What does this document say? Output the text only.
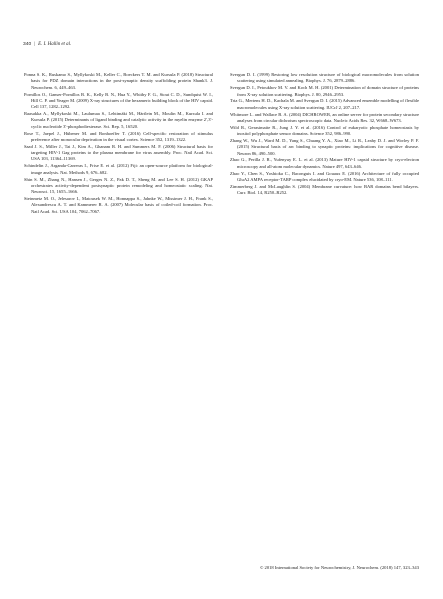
340 | E. I. Hallin et al.

Ponna S. K., Ruskamo S., Myllykoski M., Keller C., Boeckers T. M. and Kursula P. (2018) Structural basis for PDZ domain interactions in the post-synaptic density scaffolding protein Shank3. J. Neurochem. 6, 449–463.

Pornillos O., Ganser-Pornillos B. K., Kelly B. N., Hua Y., Whitby F. G., Stout C. D., Sundquist W. I., Hill C. P. and Yeager M. (2009) X-ray structures of the hexameric building block of the HIV capsid. Cell 137, 1282–1292.

Raasakka A., Myllykoski M., Laulumaa S., Lehtimäki M., Härtlein M., Moulin M., Kursula I. and Kursula P. (2015) Determinants of ligand binding and catalytic activity in the myelin enzyme 2′,3′-cyclic nucleotide 3′-phosphodiesterase. Sci. Rep. 5, 16520.

Rose T., Jaepel J., Hübener M. and Bonhoeffer T. (2016) Cell-specific restoration of stimulus preference after monocular deprivation in the visual cortex. Science 352, 1319–1322.

Saad J. S., Miller J., Tai J., Kim A., Ghanam R. H. and Summers M. F. (2006) Structural basis for targeting HIV-1 Gag proteins to the plasma membrane for virus assembly. Proc. Natl Acad. Sci. USA 103, 11364–11369.

Schindelin J., Arganda-Carreras I., Frise E. et al. (2012) Fiji: an open-source platform for biological-image analysis. Nat. Methods 9, 676–682.

Shin S. M., Zhang N., Hansen J., Gerges N. Z., Pak D. T., Sheng M. and Lee S. H. (2012) GKAP orchestrates activity-dependent postsynaptic protein remodeling and homeostatic scaling. Nat. Neurosci. 15, 1655–1666.

Steinmetz M. O., Jelesarov I., Matousek W. M., Honnappa S., Jahnke W., Missimer J. H., Frank S., Alexandrescu A. T. and Kammerer R. A. (2007) Molecular basis of coiled-coil formation. Proc. Natl Acad. Sci. USA 104, 7062–7067.

Svergun D. I. (1999) Restoring low resolution structure of biological macromolecules from solution scattering using simulated annealing. Biophys. J. 76, 2879–2886.

Svergun D. I., Petoukhov M. V. and Koch M. H. (2001) Determination of domain structure of proteins from X-ray solution scattering. Biophys. J. 80, 2946–2953.

Tria G., Mertens H. D., Kachala M. and Svergun D. I. (2015) Advanced ensemble modelling of flexible macromolecules using X-ray solution scattering. IUCrJ 2, 207–217.

Whitmore L. and Wallace B. A. (2004) DICHROWEB, an online server for protein secondary structure analyses from circular dichroism spectroscopic data. Nucleic Acids Res. 32, W668–W673.

Wild R., Gerasimaite R., Jung J. Y. et al. (2016) Control of eukaryotic phosphate homeostasis by inositol polyphosphate sensor domains. Science 352, 986–990.

Zhang W., Wu J., Ward M. D., Yang S., Chuang Y. A., Xiao M., Li R., Leahy D. J. and Worley P. F. (2015) Structural basis of arc binding to synaptic proteins: implications for cognitive disease. Neuron 86, 490–500.

Zhao G., Perilla J. R., Yufenyuy E. L. et al. (2013) Mature HIV-1 capsid structure by cryo-electron microscopy and all-atom molecular dynamics. Nature 497, 643–646.

Zhao Y., Chen S., Yoshioka C., Baconguis I. and Gouaux E. (2016) Architecture of fully occupied GluA2 AMPA receptor-TARP complex elucidated by cryo-EM. Nature 536, 108–111.

Zimmerberg J. and McLaughlin S. (2004) Membrane curvature: how BAR domains bend bilayers. Curr. Biol. 14, R250–R252.

© 2018 International Society for Neurochemistry, J. Neurochem. (2018) 147, 323–343
